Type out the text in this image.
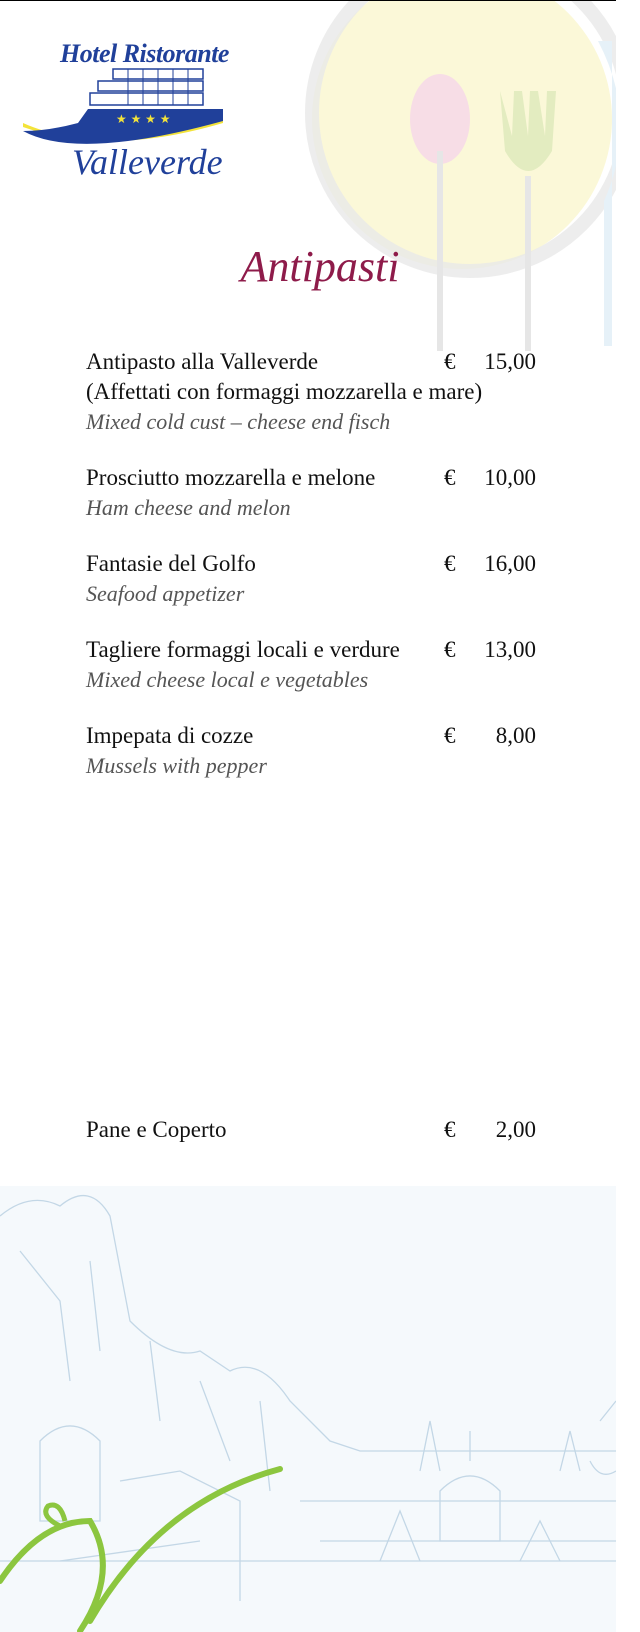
Hotel Ristorante
★ ★ ★ ★
Valleverde
Antipasti
Antipasto alla Valleverde	€ 15,00
(Affettati con formaggi mozzarella e mare)
Mixed cold cust – cheese end fisch
Prosciutto mozzarella e melone	€ 10,00
Ham cheese and melon
Fantasie del Golfo	€ 16,00
Seafood appetizer
Tagliere formaggi locali e verdure € 13,00
Mixed cheese local e vegetables
Impepata di cozze	€ 8,00
Mussels with pepper
Pane e Coperto	€ 2,00
